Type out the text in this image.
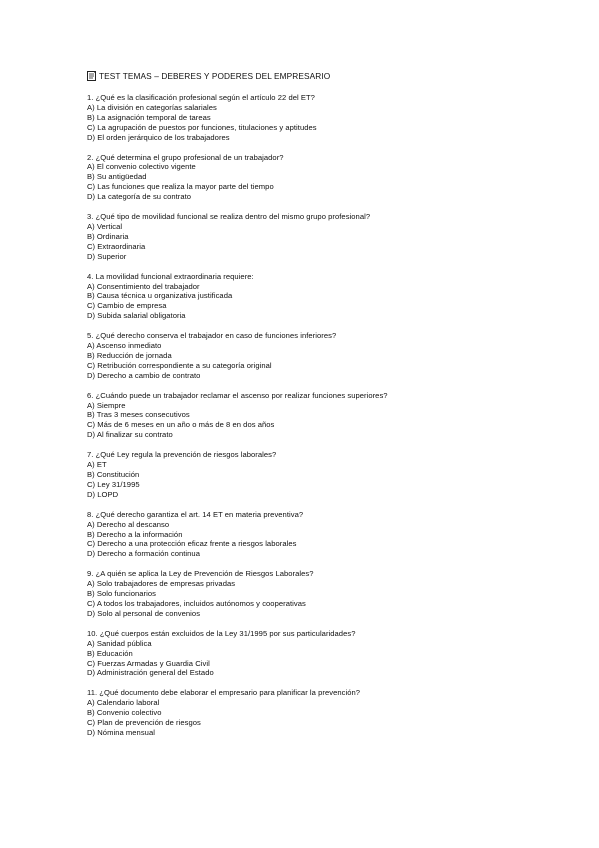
TEST TEMAS – DEBERES Y PODERES DEL EMPRESARIO
1. ¿Qué es la clasificación profesional según el artículo 22 del ET?
A) La división en categorías salariales
B) La asignación temporal de tareas
C) La agrupación de puestos por funciones, titulaciones y aptitudes
D) El orden jerárquico de los trabajadores
2. ¿Qué determina el grupo profesional de un trabajador?
A) El convenio colectivo vigente
B) Su antigüedad
C) Las funciones que realiza la mayor parte del tiempo
D) La categoría de su contrato
3. ¿Qué tipo de movilidad funcional se realiza dentro del mismo grupo profesional?
A) Vertical
B) Ordinaria
C) Extraordinaria
D) Superior
4. La movilidad funcional extraordinaria requiere:
A) Consentimiento del trabajador
B) Causa técnica u organizativa justificada
C) Cambio de empresa
D) Subida salarial obligatoria
5. ¿Qué derecho conserva el trabajador en caso de funciones inferiores?
A) Ascenso inmediato
B) Reducción de jornada
C) Retribución correspondiente a su categoría original
D) Derecho a cambio de contrato
6. ¿Cuándo puede un trabajador reclamar el ascenso por realizar funciones superiores?
A) Siempre
B) Tras 3 meses consecutivos
C) Más de 6 meses en un año o más de 8 en dos años
D) Al finalizar su contrato
7. ¿Qué Ley regula la prevención de riesgos laborales?
A) ET
B) Constitución
C) Ley 31/1995
D) LOPD
8. ¿Qué derecho garantiza el art. 14 ET en materia preventiva?
A) Derecho al descanso
B) Derecho a la información
C) Derecho a una protección eficaz frente a riesgos laborales
D) Derecho a formación continua
9. ¿A quién se aplica la Ley de Prevención de Riesgos Laborales?
A) Solo trabajadores de empresas privadas
B) Solo funcionarios
C) A todos los trabajadores, incluidos autónomos y cooperativas
D) Solo al personal de convenios
10. ¿Qué cuerpos están excluidos de la Ley 31/1995 por sus particularidades?
A) Sanidad pública
B) Educación
C) Fuerzas Armadas y Guardia Civil
D) Administración general del Estado
11. ¿Qué documento debe elaborar el empresario para planificar la prevención?
A) Calendario laboral
B) Convenio colectivo
C) Plan de prevención de riesgos
D) Nómina mensual
